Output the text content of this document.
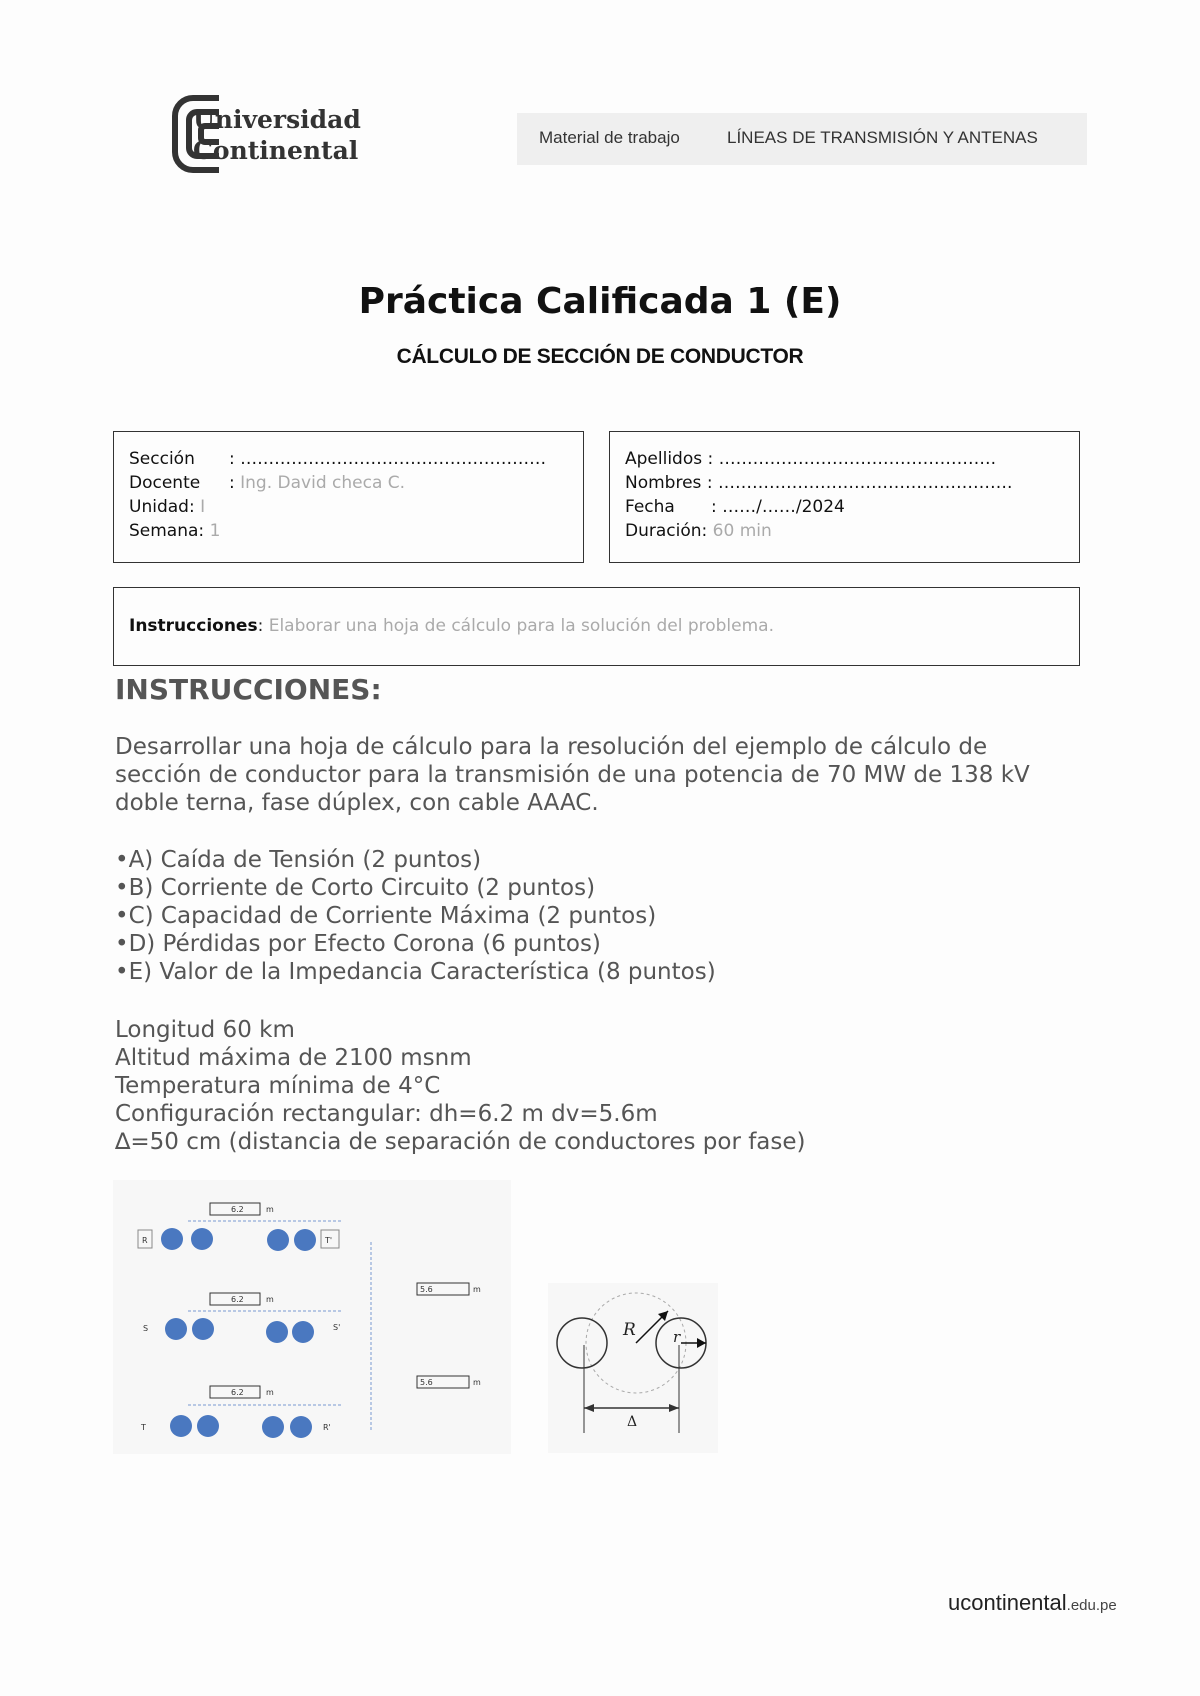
Universidad
Continental	Material de trabajo	LÍNEAS DE TRANSMISIÓN Y ANTENAS
Práctica Calificada 1 (E)
CÁLCULO DE SECCIÓN DE CONDUCTOR
Sección : ………………………………………………
Docente : Ing. David checa C.
Unidad: I
Semana: 1
Apellidos : ………………………………………….
Nombres : …………………………………………….
Fecha : ……/……/2024
Duración: 60 min
Instrucciones: Elaborar una hoja de cálculo para la solución del problema.
INSTRUCCIONES:
Desarrollar una hoja de cálculo para la resolución del ejemplo de cálculo de
sección de conductor para la transmisión de una potencia de 70 MW de 138 kV
doble terna, fase dúplex, con cable AAAC.
•A) Caída de Tensión (2 puntos)
•B) Corriente de Corto Circuito (2 puntos)
•C) Capacidad de Corriente Máxima (2 puntos)
•D) Pérdidas por Efecto Corona (6 puntos)
•E) Valor de la Impedancia Característica (8 puntos)
Longitud 60 km
Altitud máxima de 2100 msnm
Temperatura mínima de 4°C
Configuración rectangular: dh=6.2 m dv=5.6m
∆=50 cm (distancia de separación de conductores por fase)
6.2	m
R	T'
6.2	m
S	S'
6.2	m
T	R'
5.6	m
5.6	m
R r
Δ
ucontinental.edu.pe
